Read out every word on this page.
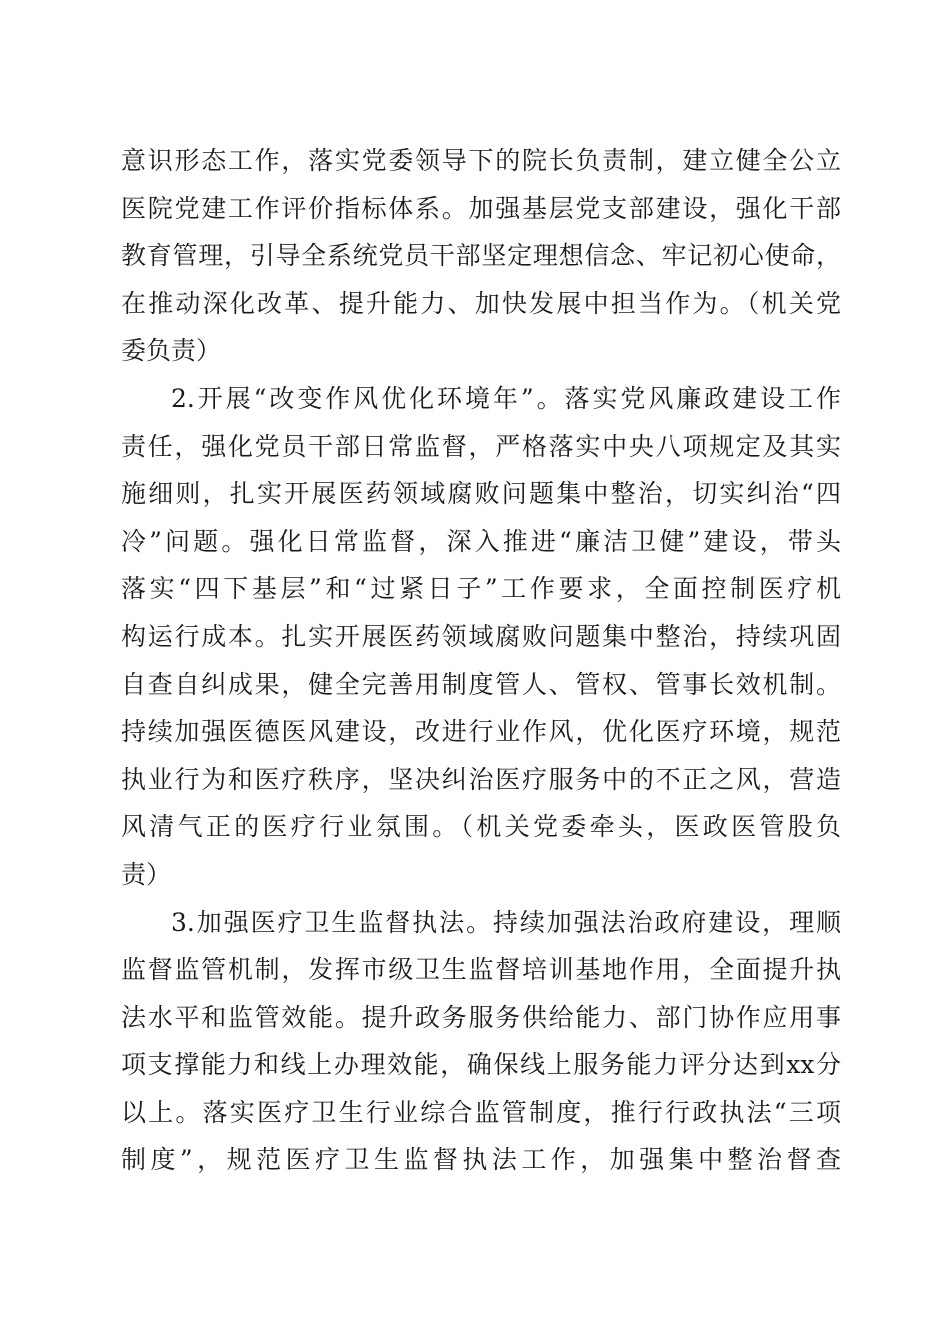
意识形态工作，落实党委领导下的院长负责制，建立健全公立
医院党建工作评价指标体系。加强基层党支部建设，强化干部
教育管理，引导全系统党员干部坚定理想信念、牢记初心使命，
在推动深化改革、提升能力、加快发展中担当作为。（机关党
委负责）
2.开展“改变作风优化环境年”。落实党风廉政建设工作
责任，强化党员干部日常监督，严格落实中央八项规定及其实
施细则，扎实开展医药领域腐败问题集中整治，切实纠治“四
冷”问题。强化日常监督，深入推进“廉洁卫健”建设，带头
落实“四下基层”和“过紧日子”工作要求，全面控制医疗机
构运行成本。扎实开展医药领域腐败问题集中整治，持续巩固
自查自纠成果，健全完善用制度管人、管权、管事长效机制。
持续加强医德医风建设，改进行业作风，优化医疗环境，规范
执业行为和医疗秩序，坚决纠治医疗服务中的不正之风，营造
风清气正的医疗行业氛围。（机关党委牵头，医政医管股负
责）
3.加强医疗卫生监督执法。持续加强法治政府建设，理顺
监督监管机制，发挥市级卫生监督培训基地作用，全面提升执
法水平和监管效能。提升政务服务供给能力、部门协作应用事
项支撑能力和线上办理效能，确保线上服务能力评分达到xx分
以上。落实医疗卫生行业综合监管制度，推行行政执法“三项
制度”，规范医疗卫生监督执法工作，加强集中整治督查
